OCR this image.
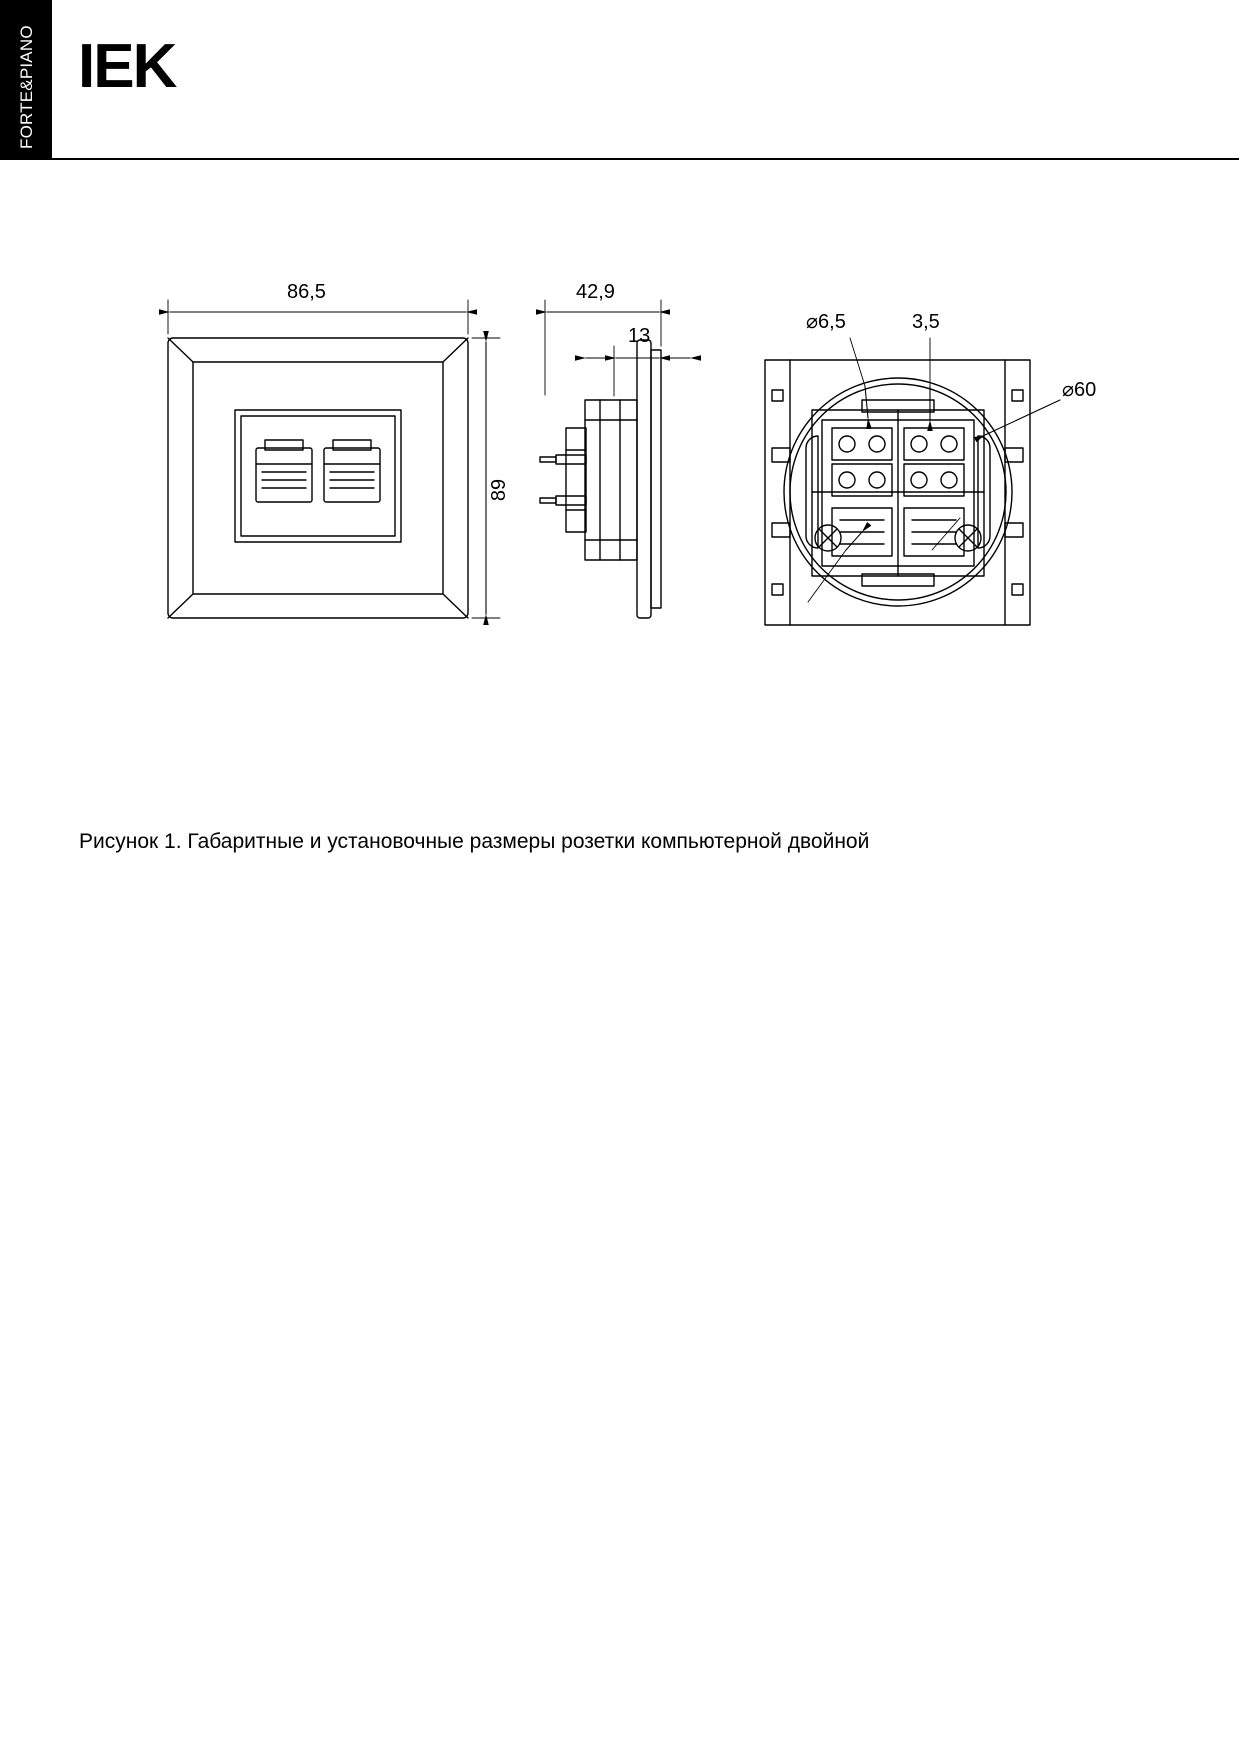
FORTE&PIANO IEK
86,5
89
42,9
13
⌀6,5	3,5
⌀60
Рисунок 1. Габаритные и установочные размеры розетки компьютерной двойной
